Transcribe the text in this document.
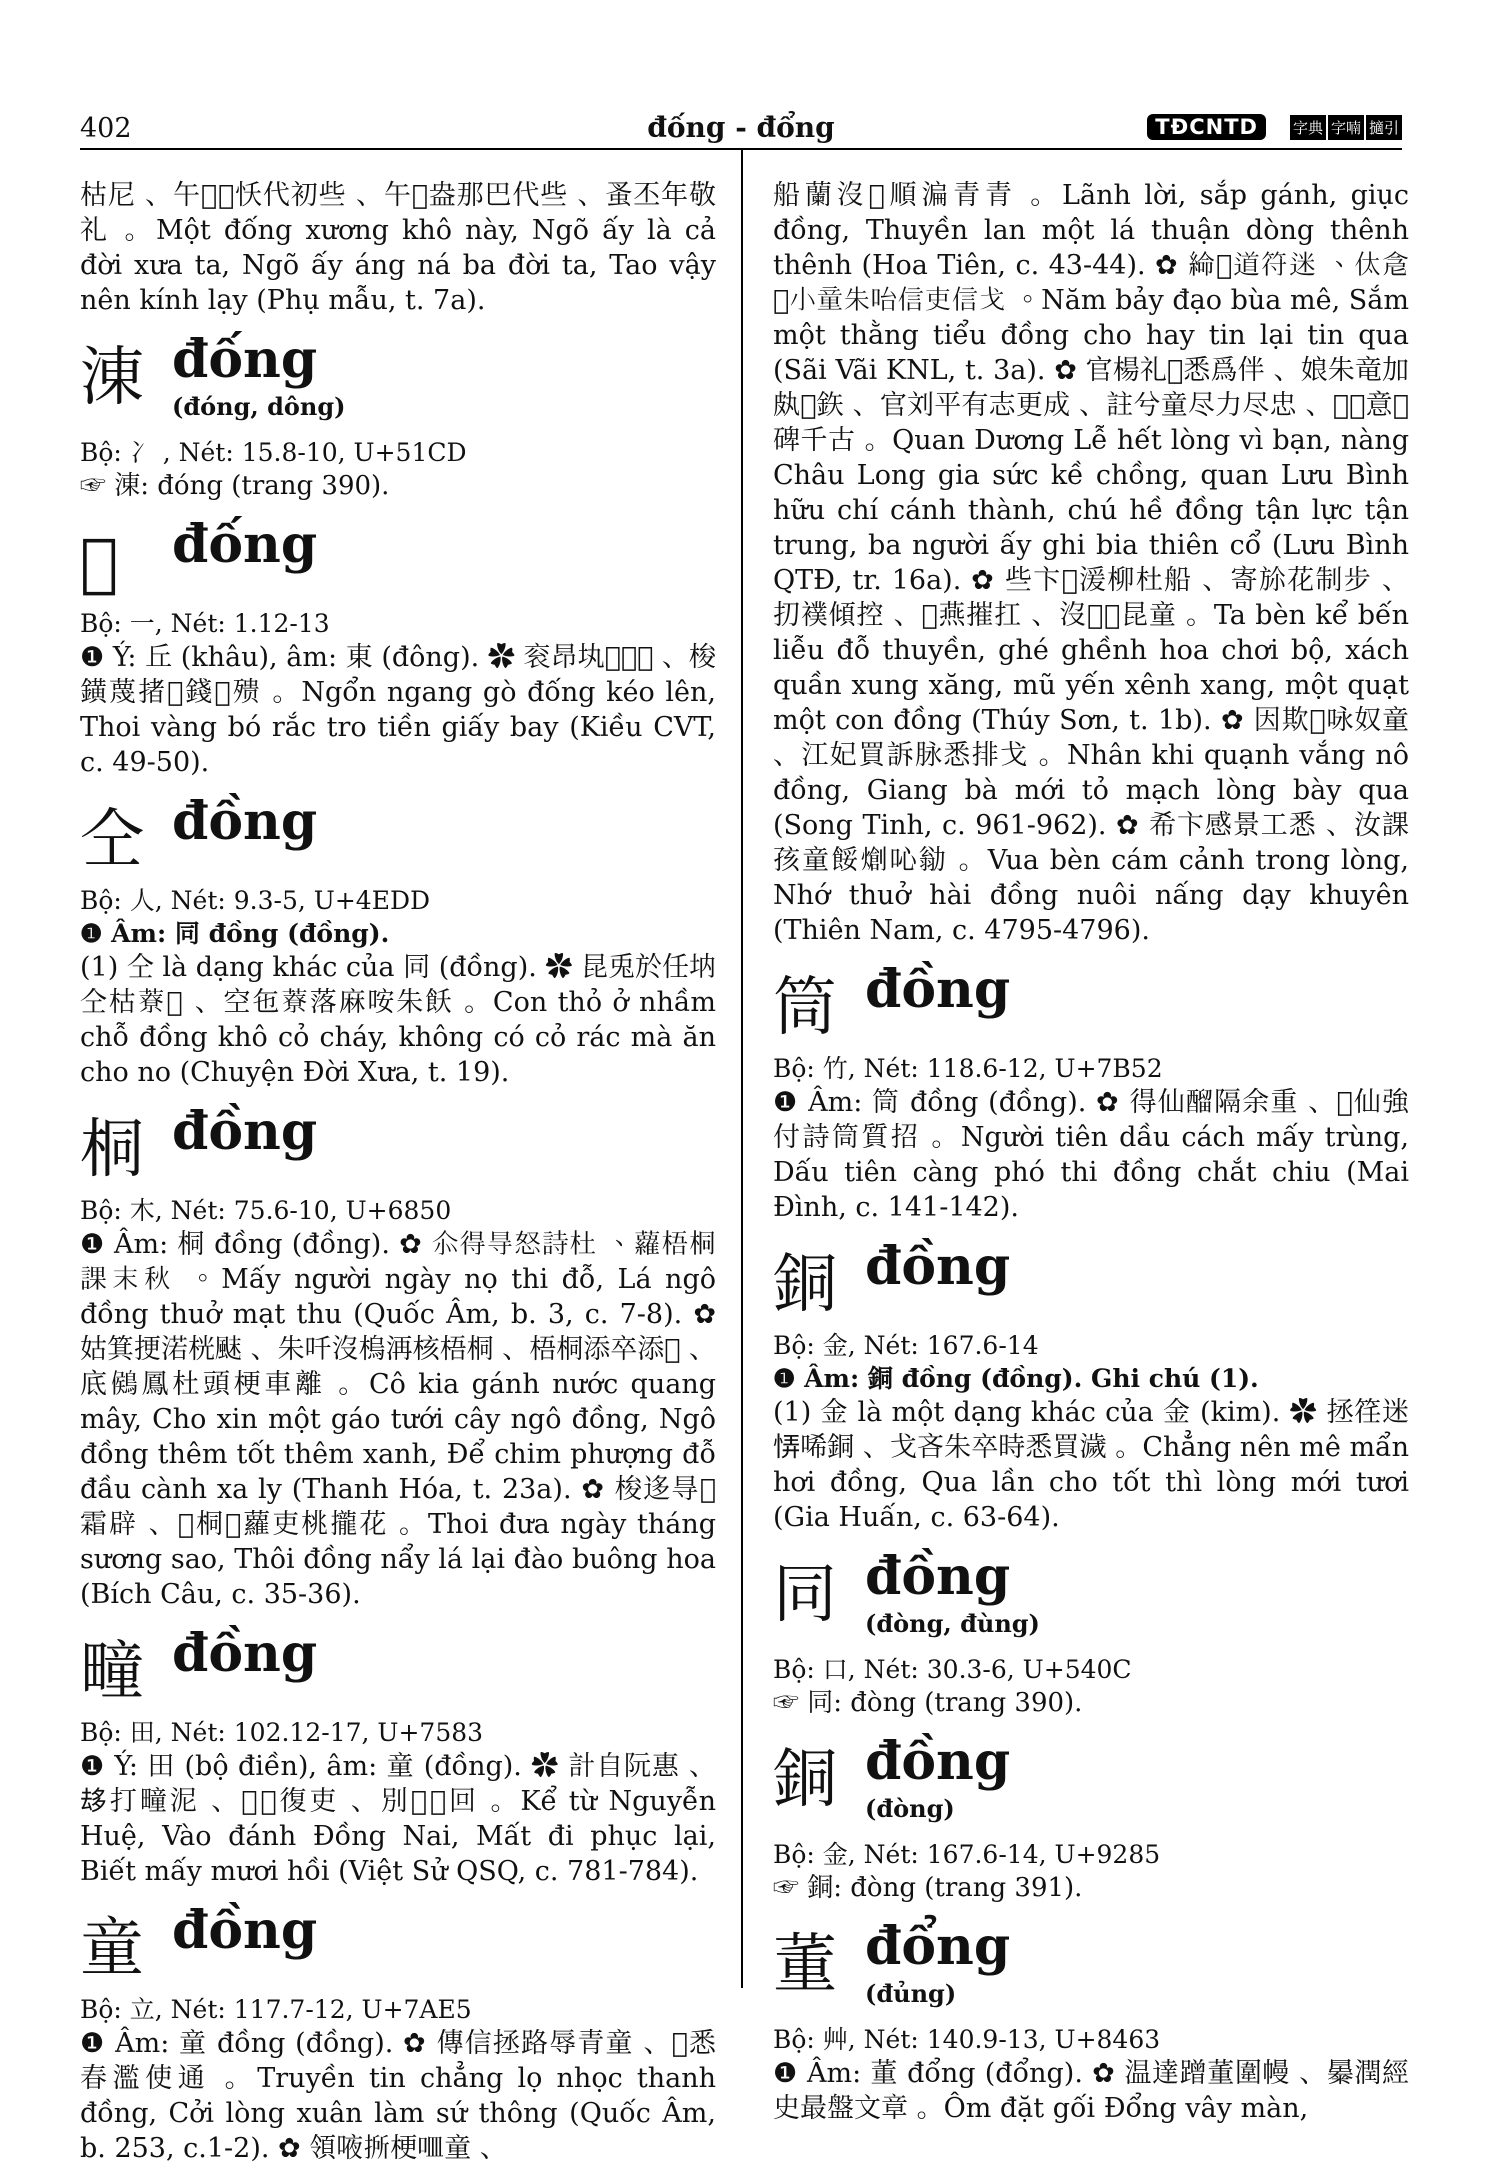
402	đống - đổng	TĐCNTD	字典 字喃 擿引

枯尼 、午𠂻𠮾㤇代初些 、午𠂻盎那巴代些 、蚤丕年敬礼 。Một đống xương khô này, Ngõ ấy là cả đời xưa ta, Ngõ ấy áng ná ba đời ta, Tao vậy nên kính lạy (Phụ mẫu, t. 7a).

涷 đống
(đóng, dông)

Bộ: 冫 , Nét: 15.8-10, U+51CD

☞ 涷: đóng (trang 390).

𠖉 đống

Bộ: 一, Nét: 1.12-13

❶ Ý: 丘 (khâu), âm: 東 (đông). ✿ 衮昂𡉕𠖉𠯦𨖲 、梭鐄蔑㨋𦛌錢𩙻㱮 。Ngổn ngang gò đống kéo lên, Thoi vàng bó rắc tro tiền giấy bay (Kiều CVT, c. 49-50).

仝 đồng

Bộ: 人, Nét: 9.3-5, U+4EDD

❶ Âm: 同 đồng (đồng).

(1) 仝 là dạng khác của 同 (đồng). ✿ 昆兎於任㘨仝枯𦼔𤈜 、空㐌𦼔落麻咹朱飫 。Con thỏ ở nhầm chỗ đồng khô cỏ cháy, không có cỏ rác mà ăn cho no (Chuyện Đời Xưa, t. 19).

桐 đồng

Bộ: 木, Nét: 75.6-10, U+6850

❶ Âm: 桐 đồng (đồng). ✿ 𠇍得㝵怒詩杜 、蘿梧桐課末秋 。Mấy người ngày nọ thi đỗ, Lá ngô đồng thuở mạt thu (Quốc Âm, b. 3, c. 7-8). ✿ 姑箕挭渃桄𩗂 、朱吀沒㮧洅核梧桐 、梧桐添卒添𦲿 、底𪃶鳳杜頭梗車離 。Cô kia gánh nước quang mây, Cho xin một gáo tưới cây ngô đồng, Ngô đồng thêm tốt thêm xanh, Để chim phượng đỗ đầu cành xa ly (Thanh Hóa, t. 23a). ✿ 梭迻㝵𣎃霜辟 、𢚸桐𦼔蘿吏桃攏花 。Thoi đưa ngày tháng sương sao, Thôi đồng nẩy lá lại đào buông hoa (Bích Câu, c. 35-36).

疃 đồng

Bộ: 田, Nét: 102.12-17, U+7583

❶ Ý: 田 (bộ điền), âm: 童 (đồng). ✿ 計自阮惠 、𠫾打疃泥 、𡀮𢬣復吏 、別𠇍𨑮回 。Kể từ Nguyễn Huệ, Vào đánh Đồng Nai, Mất đi phục lại, Biết mấy mươi hồi (Việt Sử QSQ, c. 781-784).

童 đồng

Bộ: 立, Nét: 117.7-12, U+7AE5

❶ Âm: 童 đồng (đồng). ✿ 傳信拯路辱青童 、𢚸悉春濫使通 。Truyền tin chẳng lọ nhọc thanh đồng, Cởi lòng xuân làm sứ thông (Quốc Âm, b. 253, c.1-2). ✿ 領㖡𢯢梗𠰘童 、

船蘭沒𦲿順㴜青青 。Lãnh lời, sắp gánh, giục đồng, Thuyền lan một lá thuận dòng thênh thênh (Hoa Tiên, c. 43-44). ✿ 𦁸𢀨道符迷 、㑀𠉞𠃣小童朱咍信吏信戈 。Năm bảy đạo bùa mê, Sắm một thằng tiểu đồng cho hay tin lại tin qua (Sãi Vãi KNL, t. 3a). ✿ 官楊礼𢚸悉爲伴 、娘朱竜加㿪𢬣鉃 、官刘平有志更成 、註兮童尽力尽忠 、𠀧𠊛意𢷀碑千古 。Quan Dương Lễ hết lòng vì bạn, nàng Châu Long gia sức kề chồng, quan Lưu Bình hữu chí cánh thành, chú hề đồng tận lực tận trung, ba người ấy ghi bia thiên cổ (Lưu Bình QTĐ, tr. 16a). ✿ 些卞𢬣湲柳杜船 、寄㫆花制步 、㧅襆傾控 、𧍝燕摧扛 、沒𢷀𣳔昆童 。Ta bèn kể bến liễu đỗ thuyền, ghé ghềnh hoa chơi bộ, xách quần xung xăng, mũ yến xênh xang, một quạt một con đồng (Thúy Sơn, t. 1b). ✿ 因欺𤍶咏奴童 、江妃買訴脉悉排戈 。Nhân khi quạnh vắng nô đồng, Giang bà mới tỏ mạch lòng bày qua (Song Tinh, c. 961-962). ✿ 希卞感景工悉 、汝課孩童餒𤏬吣勜 。Vua bèn cám cảnh trong lòng, Nhớ thuở hài đồng nuôi nấng dạy khuyên (Thiên Nam, c. 4795-4796).

筒 đồng

Bộ: 竹, Nét: 118.6-12, U+7B52

❶ Âm: 筒 đồng (đồng). ✿ 得仙𨢇隔余重 、𨀈仙強付詩筒質招 。Người tiên dầu cách mấy trùng, Dấu tiên càng phó thi đồng chắt chiu (Mai Đình, c. 141-142).

銅 đồng

Bộ: 金, Nét: 167.6-14

❶ Âm: 銅 đồng (đồng). Ghi chú (1).

(1) 金 là một dạng khác của 金 (kim). ✿ 拯䇮迷𢙱唏銅 、戈吝朱卒時悉買濊 。Chẳng nên mê mẩn hơi đồng, Qua lần cho tốt thì lòng mới tươi (Gia Huấn, c. 63-64).

同 đồng
(đòng, đùng)

Bộ: 口, Nét: 30.3-6, U+540C

☞ 同: đòng (trang 390).

銅 đồng
(đòng)

Bộ: 金, Nét: 167.6-14, U+9285

☞ 銅: đòng (trang 391).

董 đổng
(đủng)

Bộ: 艸, Nét: 140.9-13, U+8463

❶ Âm: 董 đổng (đổng). ✿ 温達蹭董圍幔 、㬥潤經史最盤文章 。Ôm đặt gối Đổng vây màn,
